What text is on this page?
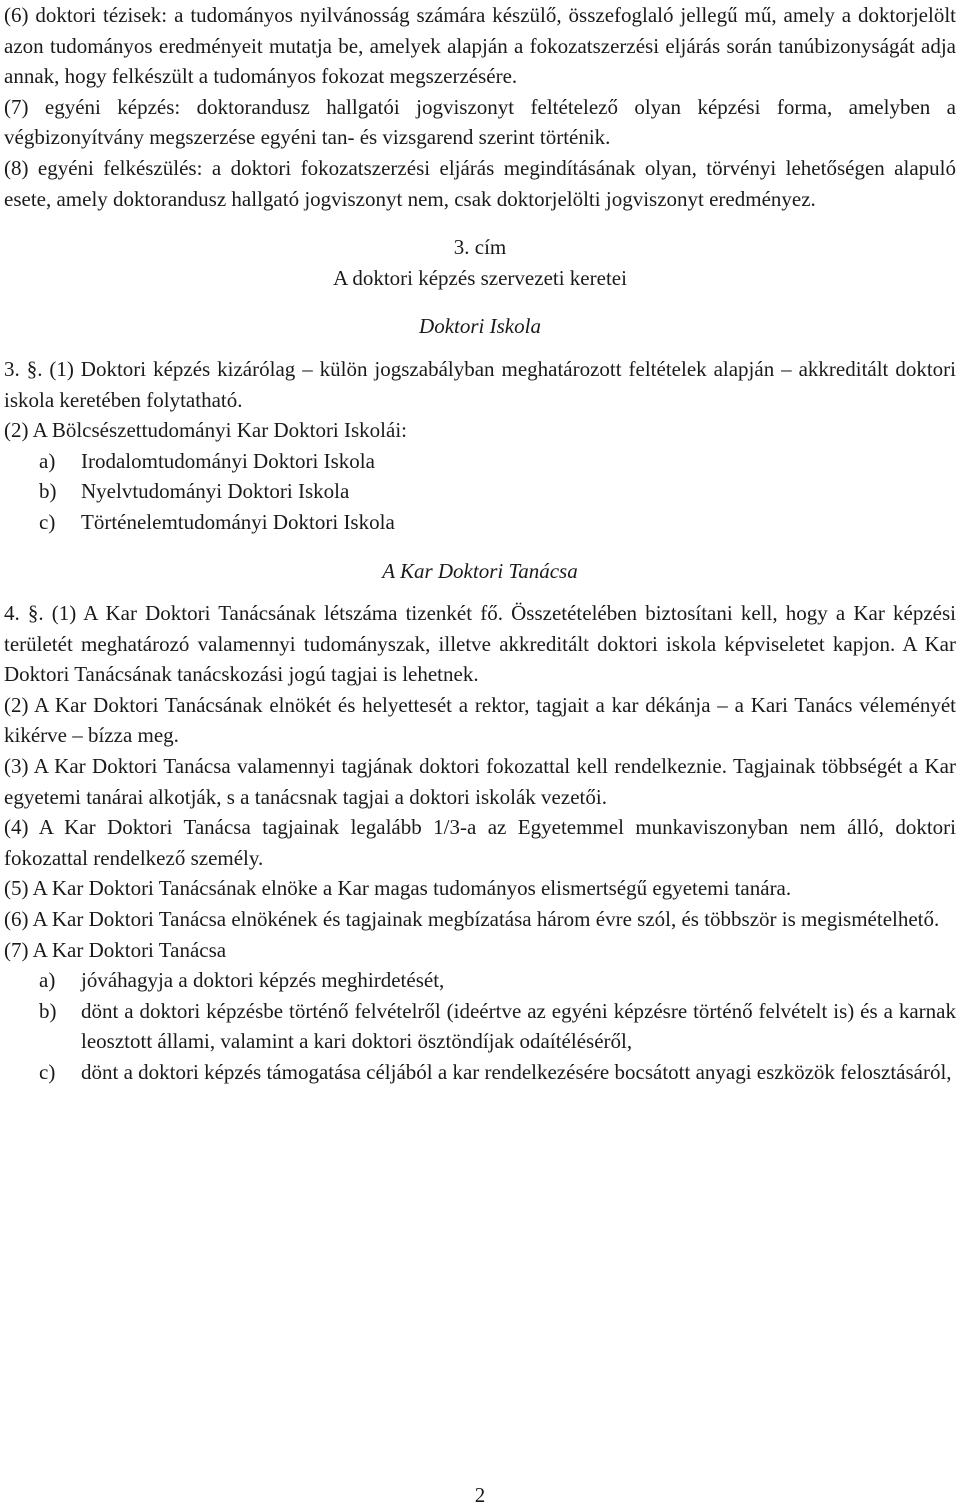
(6) doktori tézisek: a tudományos nyilvánosság számára készülő, összefoglaló jellegű mű, amely a doktorjelölt azon tudományos eredményeit mutatja be, amelyek alapján a fokozatszerzési eljárás során tanúbizonyságát adja annak, hogy felkészült a tudományos fokozat megszerzésére.

(7) egyéni képzés: doktorandusz hallgatói jogviszonyt feltételező olyan képzési forma, amelyben a végbizonyítvány megszerzése egyéni tan- és vizsgarend szerint történik.

(8) egyéni felkészülés: a doktori fokozatszerzési eljárás megindításának olyan, törvényi lehetőségen alapuló esete, amely doktorandusz hallgató jogviszonyt nem, csak doktorjelölti jogviszonyt eredményez.

3. cím

A doktori képzés szervezeti keretei

Doktori Iskola

3. §. (1) Doktori képzés kizárólag – külön jogszabályban meghatározott feltételek alapján – akkreditált doktori iskola keretében folytatható.

(2) A Bölcsészettudományi Kar Doktori Iskolái:

a)	Irodalomtudományi Doktori Iskola
b)	Nyelvtudományi Doktori Iskola
c)	Történelemtudományi Doktori Iskola

A Kar Doktori Tanácsa

4. §. (1) A Kar Doktori Tanácsának létszáma tizenkét fő. Összetételében biztosítani kell, hogy a Kar képzési területét meghatározó valamennyi tudományszak, illetve akkreditált doktori iskola képviseletet kapjon. A Kar Doktori Tanácsának tanácskozási jogú tagjai is lehetnek.

(2) A Kar Doktori Tanácsának elnökét és helyettesét a rektor, tagjait a kar dékánja – a Kari Tanács véleményét kikérve – bízza meg.

(3) A Kar Doktori Tanácsa valamennyi tagjának doktori fokozattal kell rendelkeznie. Tagjainak többségét a Kar egyetemi tanárai alkotják, s a tanácsnak tagjai a doktori iskolák vezetői.

(4) A Kar Doktori Tanácsa tagjainak legalább 1/3-a az Egyetemmel munkaviszonyban nem álló, doktori fokozattal rendelkező személy.

(5) A Kar Doktori Tanácsának elnöke a Kar magas tudományos elismertségű egyetemi tanára.

(6) A Kar Doktori Tanácsa elnökének és tagjainak megbízatása három évre szól, és többször is megismételhető.

(7) A Kar Doktori Tanácsa

a)	jóváhagyja a doktori képzés meghirdetését,
b)	dönt a doktori képzésbe történő felvételről (ideértve az egyéni képzésre történő felvételt is) és a karnak leosztott állami, valamint a kari doktori ösztöndíjak odaítéléséről,
c)	dönt a doktori képzés támogatása céljából a kar rendelkezésére bocsátott anyagi eszközök felosztásáról,
2
